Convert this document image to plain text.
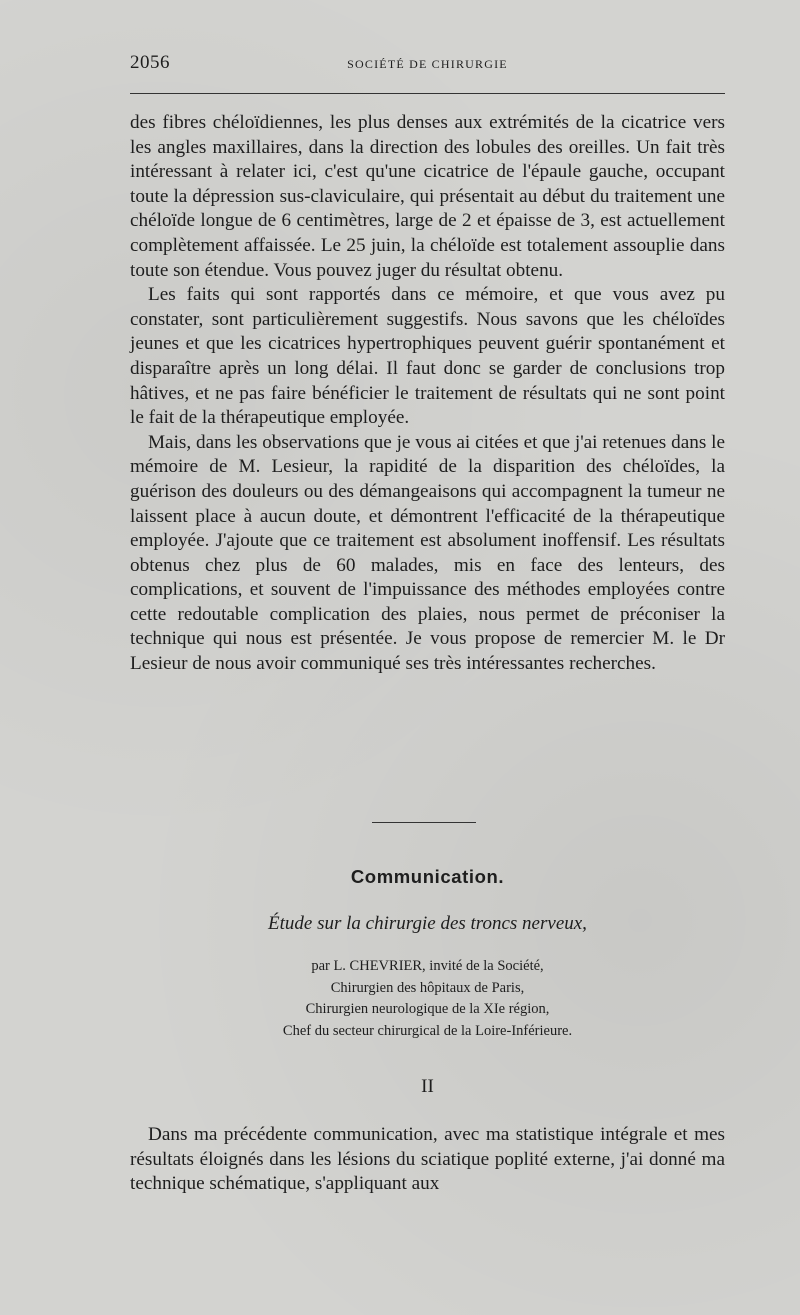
2056	SOCIÉTÉ DE CHIRURGIE

des fibres chéloïdiennes, les plus denses aux extrémités de la cicatrice vers les angles maxillaires, dans la direction des lobules des oreilles. Un fait très intéressant à relater ici, c'est qu'une cicatrice de l'épaule gauche, occupant toute la dépression sus-claviculaire, qui présentait au début du traitement une chéloïde longue de 6 centimètres, large de 2 et épaisse de 3, est actuellement complètement affaissée. Le 25 juin, la chéloïde est totalement assouplie dans toute son étendue. Vous pouvez juger du résultat obtenu.

Les faits qui sont rapportés dans ce mémoire, et que vous avez pu constater, sont particulièrement suggestifs. Nous savons que les chéloïdes jeunes et que les cicatrices hypertrophiques peuvent guérir spontanément et disparaître après un long délai. Il faut donc se garder de conclusions trop hâtives, et ne pas faire bénéficier le traitement de résultats qui ne sont point le fait de la thérapeutique employée.

Mais, dans les observations que je vous ai citées et que j'ai retenues dans le mémoire de M. Lesieur, la rapidité de la disparition des chéloïdes, la guérison des douleurs ou des démangeaisons qui accompagnent la tumeur ne laissent place à aucun doute, et démontrent l'efficacité de la thérapeutique employée. J'ajoute que ce traitement est absolument inoffensif. Les résultats obtenus chez plus de 60 malades, mis en face des lenteurs, des complications, et souvent de l'impuissance des méthodes employées contre cette redoutable complication des plaies, nous permet de préconiser la technique qui nous est présentée. Je vous propose de remercier M. le Dr Lesieur de nous avoir communiqué ses très intéressantes recherches.

Communication.
Étude sur la chirurgie des troncs nerveux,
par L. CHEVRIER, invité de la Société,
Chirurgien des hôpitaux de Paris,
Chirurgien neurologique de la XIe région,
Chef du secteur chirurgical de la Loire-Inférieure.
II

Dans ma précédente communication, avec ma statistique intégrale et mes résultats éloignés dans les lésions du sciatique poplité externe, j'ai donné ma technique schématique, s'appliquant aux
